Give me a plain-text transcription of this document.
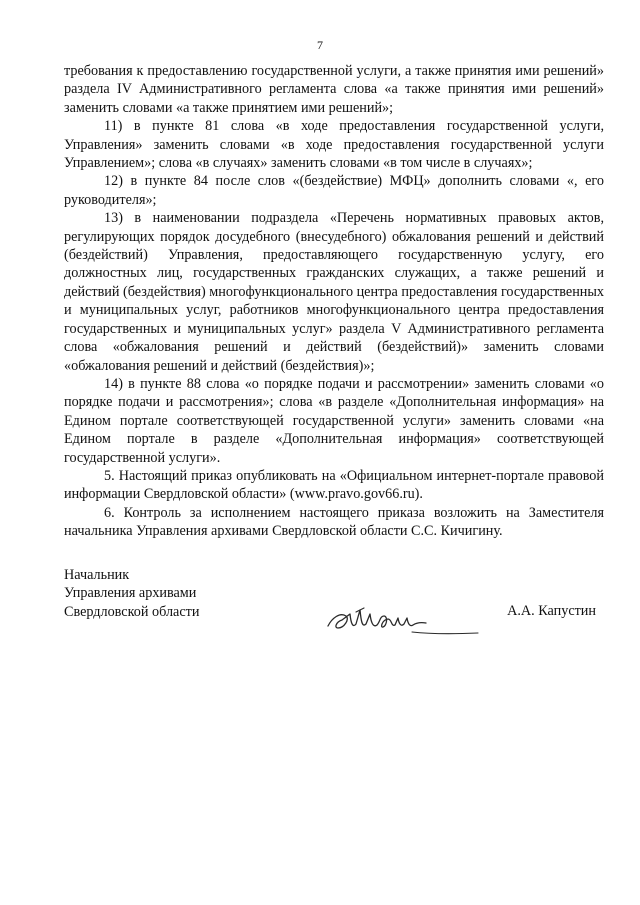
7

требования к предоставлению государственной услуги, а также принятия ими решений» раздела IV Административного регламента слова «а также принятия ими решений» заменить словами «а также принятием ими решений»;

11) в пункте 81 слова «в ходе предоставления государственной услуги, Управления» заменить словами «в ходе предоставления государственной услуги Управлением»; слова «в случаях» заменить словами «в том числе в случаях»;

12) в пункте 84 после слов «(бездействие) МФЦ» дополнить словами «, его руководителя»;

13) в наименовании подраздела «Перечень нормативных правовых актов, регулирующих порядок досудебного (внесудебного) обжалования решений и действий (бездействий) Управления, предоставляющего государственную услугу, его должностных лиц, государственных гражданских служащих, а также решений и действий (бездействия) многофункционального центра предоставления государственных и муниципальных услуг, работников многофункционального центра предоставления государственных и муниципальных услуг» раздела V Административного регламента слова «обжалования решений и действий (бездействий)» заменить словами «обжалования решений и действий (бездействия)»;

14) в пункте 88 слова «о порядке подачи и рассмотрении» заменить словами «о порядке подачи и рассмотрения»; слова «в разделе «Дополнительная информация» на Едином портале соответствующей государственной услуги» заменить словами «на Едином портале в разделе «Дополнительная информация» соответствующей государственной услуги».

5. Настоящий приказ опубликовать на «Официальном интернет-портале правовой информации Свердловской области» (www.pravo.gov66.ru).

6. Контроль за исполнением настоящего приказа возложить на Заместителя начальника Управления архивами Свердловской области С.С. Кичигину.

Начальник
Управления архивами
Свердловской области	А.А. Капустин
